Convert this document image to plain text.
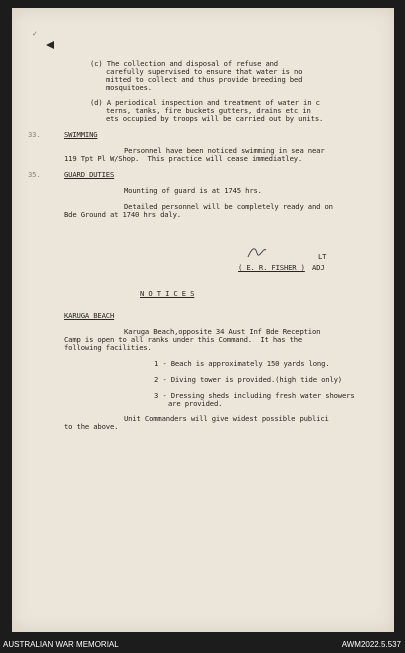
✓
(c) The collection and disposal of refuse and
carefully supervised to ensure that water is no
mitted to collect and thus provide breeding bed
mosquitoes.
(d) A periodical inspection and treatment of water in c
terns, tanks, fire buckets gutters, drains etc in
ets occupied by troops will be carried out by units.
33.	SWIMMING
Personnel have been noticed swimming in sea near
119 Tpt Pl W/Shop.  This practice will cease immediatley.
35.	GUARD DUTIES
Mounting of guard is at 1745 hrs.
Detailed personnel will be completely ready and on
Bde Ground at 1740 hrs daly.
LT
( E. R. FISHER ) ADJ
N O T I C E S
KARUGA BEACH
Karuga Beach,opposite 34 Aust Inf Bde Reception
Camp is open to all ranks under this Command.  It has the
following facilities.
1 - Beach is approximately 150 yards long.
2 - Diving tower is provided.(high tide only)
3 - Dressing sheds including fresh water showers
are provided.
Unit Commanders will give widest possible publici
to the above.
AUSTRALIAN WAR MEMORIAL	AWM2022.5.537
